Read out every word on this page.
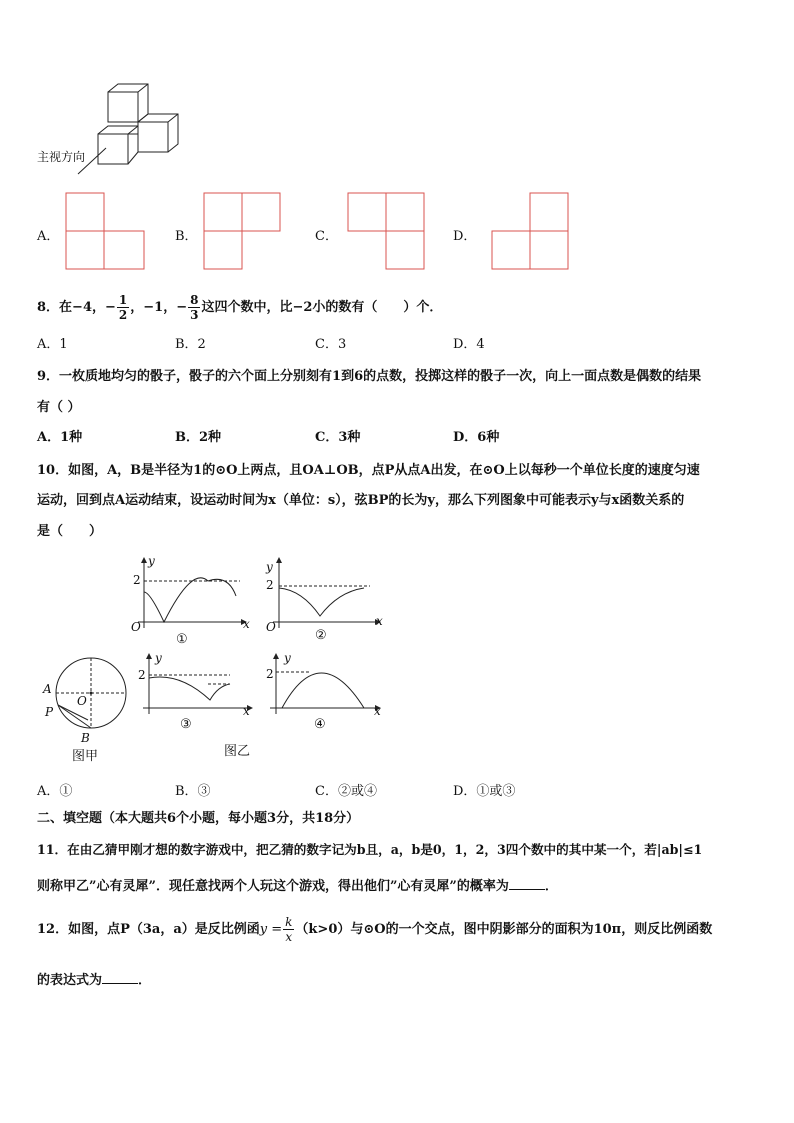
主视方向
A．	B．	C．	D．
8．在−4，− $\frac{1}{2}$ ，−1，− $\frac{8}{3}$ 这四个数中，比−2小的数有（　　）个．
A．1	B．2	C．3	D．4
9．一枚质地均匀的骰子，骰子的六个面上分别刻有1到6的点数，投掷这样的骰子一次，向上一面点数是偶数的结果
有（ ）
A．1种	B．2种	C．3种	D．6种
10．如图，A，B是半径为1的⊙O上两点，且OA⊥OB，点P从点A出发，在⊙O上以每秒一个单位长度的速度匀速
运动，回到点A运动结束，设运动时间为x（单位：s），弦BP的长为y，那么下列图象中可能表示y与x函数关系的
是（　　）
y
2
O	x
①
y
2
O	x
②
y
2
x
③
y
2
x
④
A
P
O
B
图甲	图乙
A．①	B．③	C．②或④	D．①或③
二、填空题（本大题共6个小题，每小题3分，共18分）
11．在由乙猜甲刚才想的数字游戏中，把乙猜的数字记为b且，a，b是0，1，2，3四个数中的其中某一个，若|ab|≤1
则称甲乙”心有灵犀”．现任意找两个人玩这个游戏，得出他们”心有灵犀”的概率为	．
12．如图，点P（3a，a）是反比例函$y = \frac{k}{x} (k>0)$与⊙O的一个交点，图中阴影部分的面积为10π，则反比例函数
的表达式为	．
